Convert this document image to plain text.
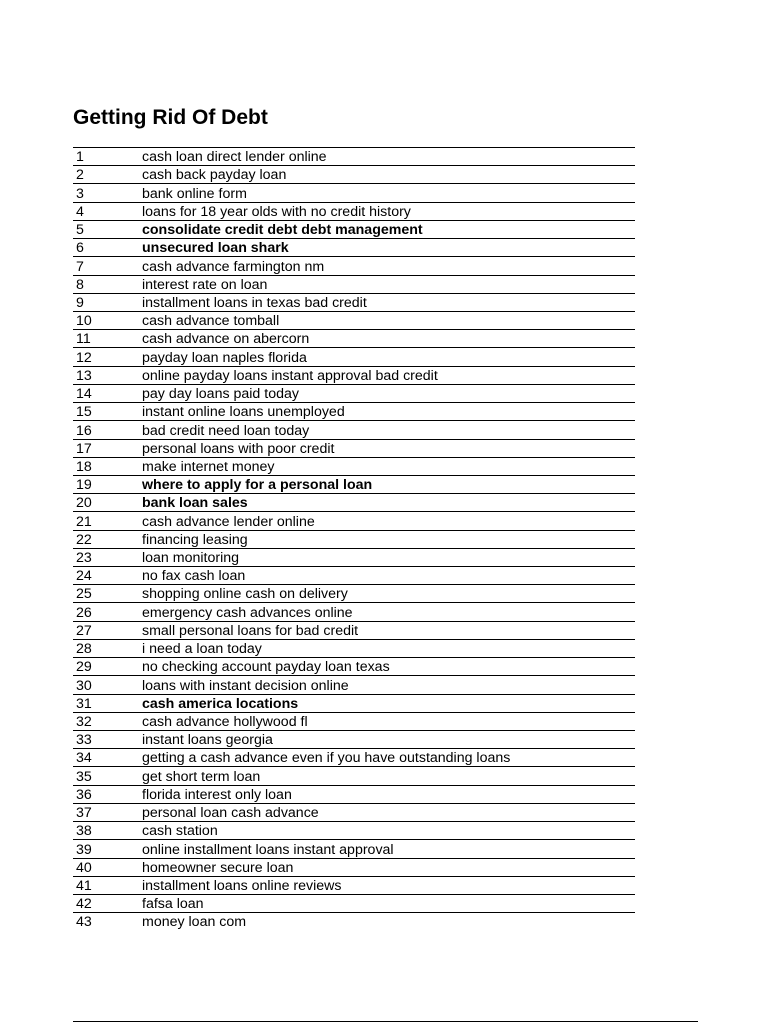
Getting Rid Of Debt
1	cash loan direct lender online
2	cash back payday loan
3	bank online form
4	loans for 18 year olds with no credit history
5	consolidate credit debt debt management
6	unsecured loan shark
7	cash advance farmington nm
8	interest rate on loan
9	installment loans in texas bad credit
10	cash advance tomball
11	cash advance on abercorn
12	payday loan naples florida
13	online payday loans instant approval bad credit
14	pay day loans paid today
15	instant online loans unemployed
16	bad credit need loan today
17	personal loans with poor credit
18	make internet money
19	where to apply for a personal loan
20	bank loan sales
21	cash advance lender online
22	financing leasing
23	loan monitoring
24	no fax cash loan
25	shopping online cash on delivery
26	emergency cash advances online
27	small personal loans for bad credit
28	i need a loan today
29	no checking account payday loan texas
30	loans with instant decision online
31	cash america locations
32	cash advance hollywood fl
33	instant loans georgia
34	getting a cash advance even if you have outstanding loans
35	get short term loan
36	florida interest only loan
37	personal loan cash advance
38	cash station
39	online installment loans instant approval
40	homeowner secure loan
41	installment loans online reviews
42	fafsa loan
43	money loan com
